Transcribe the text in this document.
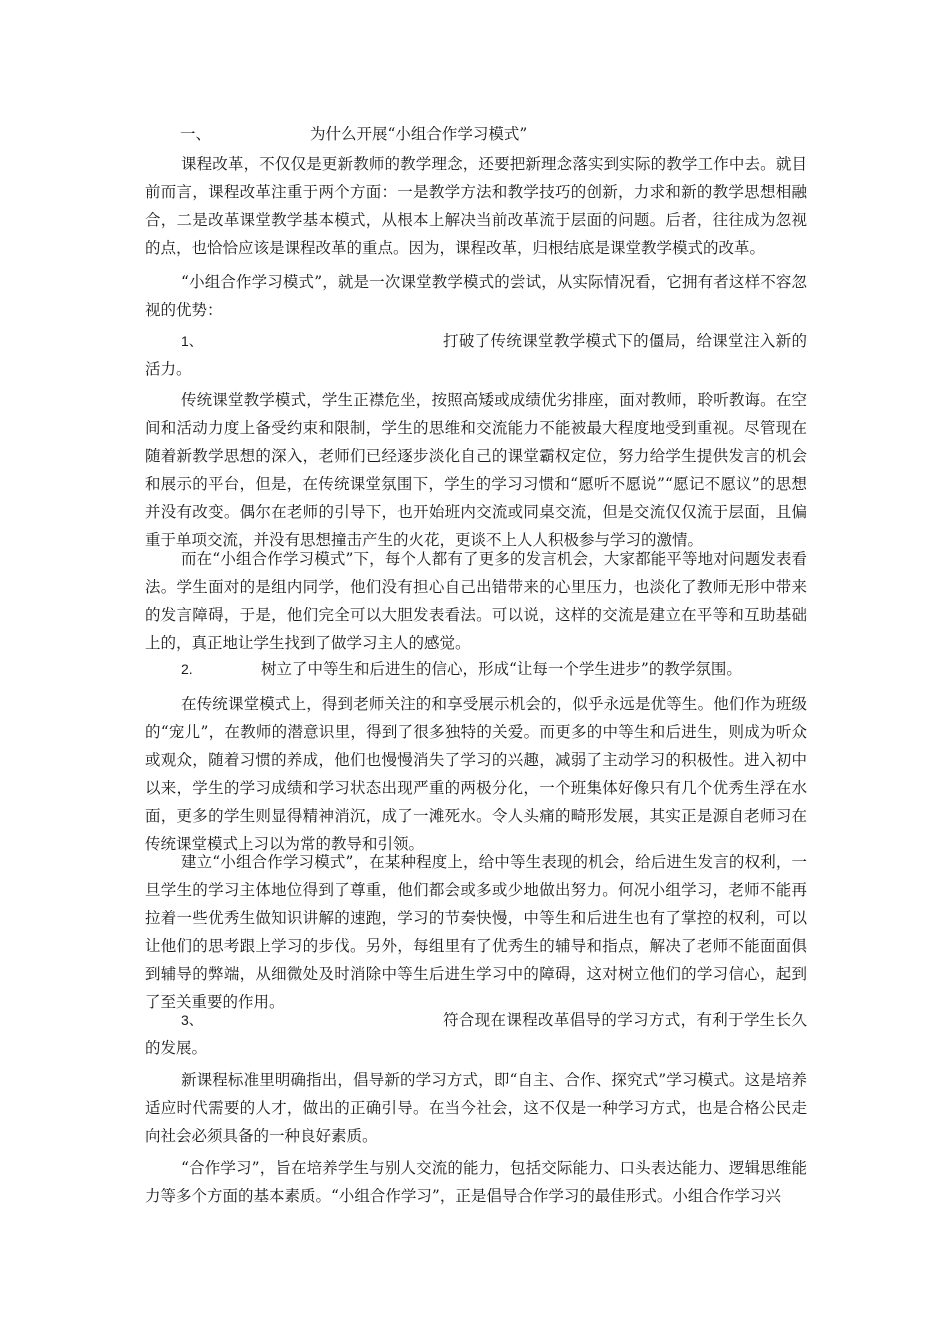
一、	为什么开展“小组合作学习模式”

课程改革，不仅仅是更新教师的教学理念，还要把新理念落实到实际的教学工作中去。就目前而言，课程改革注重于两个方面：一是教学方法和教学技巧的创新，力求和新的教学思想相融合，二是改革课堂教学基本模式，从根本上解决当前改革流于层面的问题。后者，往往成为忽视的点，也恰恰应该是课程改革的重点。因为，课程改革，归根结底是课堂教学模式的改革。

“小组合作学习模式”，就是一次课堂教学模式的尝试，从实际情况看，它拥有者这样不容忽视的优势：

1、	打破了传统课堂教学模式下的僵局，给课堂注入新的活力。

传统课堂教学模式，学生正襟危坐，按照高矮或成绩优劣排座，面对教师，聆听教诲。在空间和活动力度上备受约束和限制，学生的思维和交流能力不能被最大程度地受到重视。尽管现在随着新教学思想的深入，老师们已经逐步淡化自己的课堂霸权定位，努力给学生提供发言的机会和展示的平台，但是，在传统课堂氛围下，学生的学习习惯和“愿听不愿说”“愿记不愿议”的思想并没有改变。偶尔在老师的引导下，也开始班内交流或同桌交流，但是交流仅仅流于层面，且偏重于单项交流，并没有思想撞击产生的火花，更谈不上人人积极参与学习的激情。

而在“小组合作学习模式”下，每个人都有了更多的发言机会，大家都能平等地对问题发表看法。学生面对的是组内同学，他们没有担心自己出错带来的心里压力，也淡化了教师无形中带来的发言障碍，于是，他们完全可以大胆发表看法。可以说，这样的交流是建立在平等和互助基础上的，真正地让学生找到了做学习主人的感觉。

2.	树立了中等生和后进生的信心，形成“让每一个学生进步”的教学氛围。

在传统课堂模式上，得到老师关注的和享受展示机会的，似乎永远是优等生。他们作为班级的“宠儿”，在教师的潜意识里，得到了很多独特的关爱。而更多的中等生和后进生，则成为听众或观众，随着习惯的养成，他们也慢慢消失了学习的兴趣，减弱了主动学习的积极性。进入初中以来，学生的学习成绩和学习状态出现严重的两极分化，一个班集体好像只有几个优秀生浮在水面，更多的学生则显得精神消沉，成了一滩死水。令人头痛的畸形发展，其实正是源自老师习在传统课堂模式上习以为常的教导和引领。

建立“小组合作学习模式”，在某种程度上，给中等生表现的机会，给后进生发言的权利，一旦学生的学习主体地位得到了尊重，他们都会或多或少地做出努力。何况小组学习，老师不能再拉着一些优秀生做知识讲解的速跑，学习的节奏快慢，中等生和后进生也有了掌控的权利，可以让他们的思考跟上学习的步伐。另外，每组里有了优秀生的辅导和指点，解决了老师不能面面俱到辅导的弊端，从细微处及时消除中等生后进生学习中的障碍，这对树立他们的学习信心，起到了至关重要的作用。

3、	符合现在课程改革倡导的学习方式，有利于学生长久的发展。

新课程标准里明确指出，倡导新的学习方式，即“自主、合作、探究式”学习模式。这是培养适应时代需要的人才，做出的正确引导。在当今社会，这不仅是一种学习方式，也是合格公民走向社会必须具备的一种良好素质。

“合作学习”，旨在培养学生与别人交流的能力，包括交际能力、口头表达能力、逻辑思维能力等多个方面的基本素质。“小组合作学习”，正是倡导合作学习的最佳形式。小组合作学习兴
